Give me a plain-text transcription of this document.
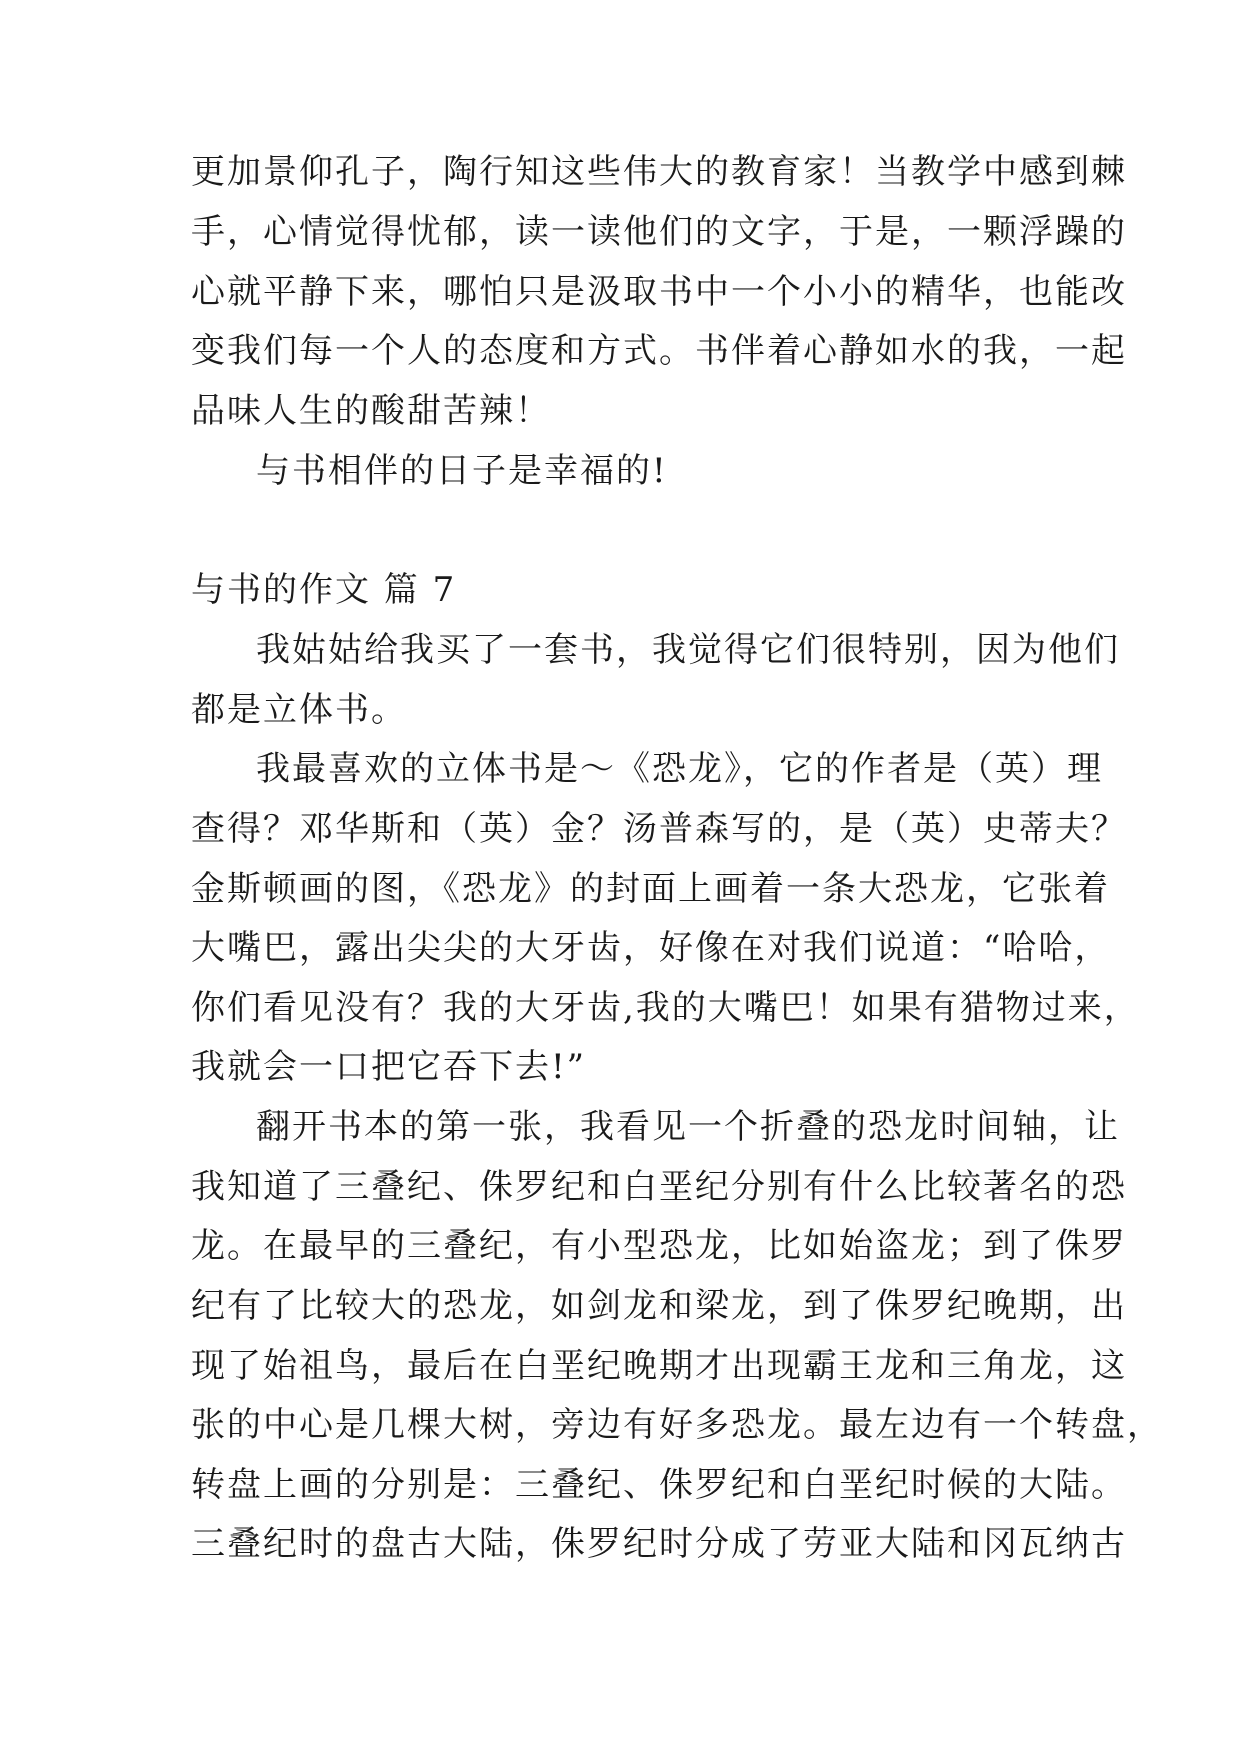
更加景仰孔子，陶行知这些伟大的教育家！当教学中感到棘
手，心情觉得忧郁，读一读他们的文字，于是，一颗浮躁的
心就平静下来，哪怕只是汲取书中一个小小的精华，也能改
变我们每一个人的态度和方式。书伴着心静如水的我，一起
品味人生的酸甜苦辣！
与书相伴的日子是幸福的!
与书的作文 篇 7
我姑姑给我买了一套书，我觉得它们很特别，因为他们
都是立体书。
我最喜欢的立体书是～《恐龙》，它的作者是（英）理
查得？邓华斯和（英）金？汤普森写的，是（英）史蒂夫？
金斯顿画的图，《恐龙》的封面上画着一条大恐龙，它张着
大嘴巴，露出尖尖的大牙齿，好像在对我们说道：“哈哈，
你们看见没有？我的大牙齿,我的大嘴巴！如果有猎物过来，
我就会一口把它吞下去!”
翻开书本的第一张，我看见一个折叠的恐龙时间轴，让
我知道了三叠纪、侏罗纪和白垩纪分别有什么比较著名的恐
龙。在最早的三叠纪，有小型恐龙，比如始盗龙；到了侏罗
纪有了比较大的恐龙，如剑龙和梁龙，到了侏罗纪晚期，出
现了始祖鸟，最后在白垩纪晚期才出现霸王龙和三角龙，这
张的中心是几棵大树，旁边有好多恐龙。最左边有一个转盘，
转盘上画的分别是：三叠纪、侏罗纪和白垩纪时候的大陆。
三叠纪时的盘古大陆，侏罗纪时分成了劳亚大陆和冈瓦纳古
